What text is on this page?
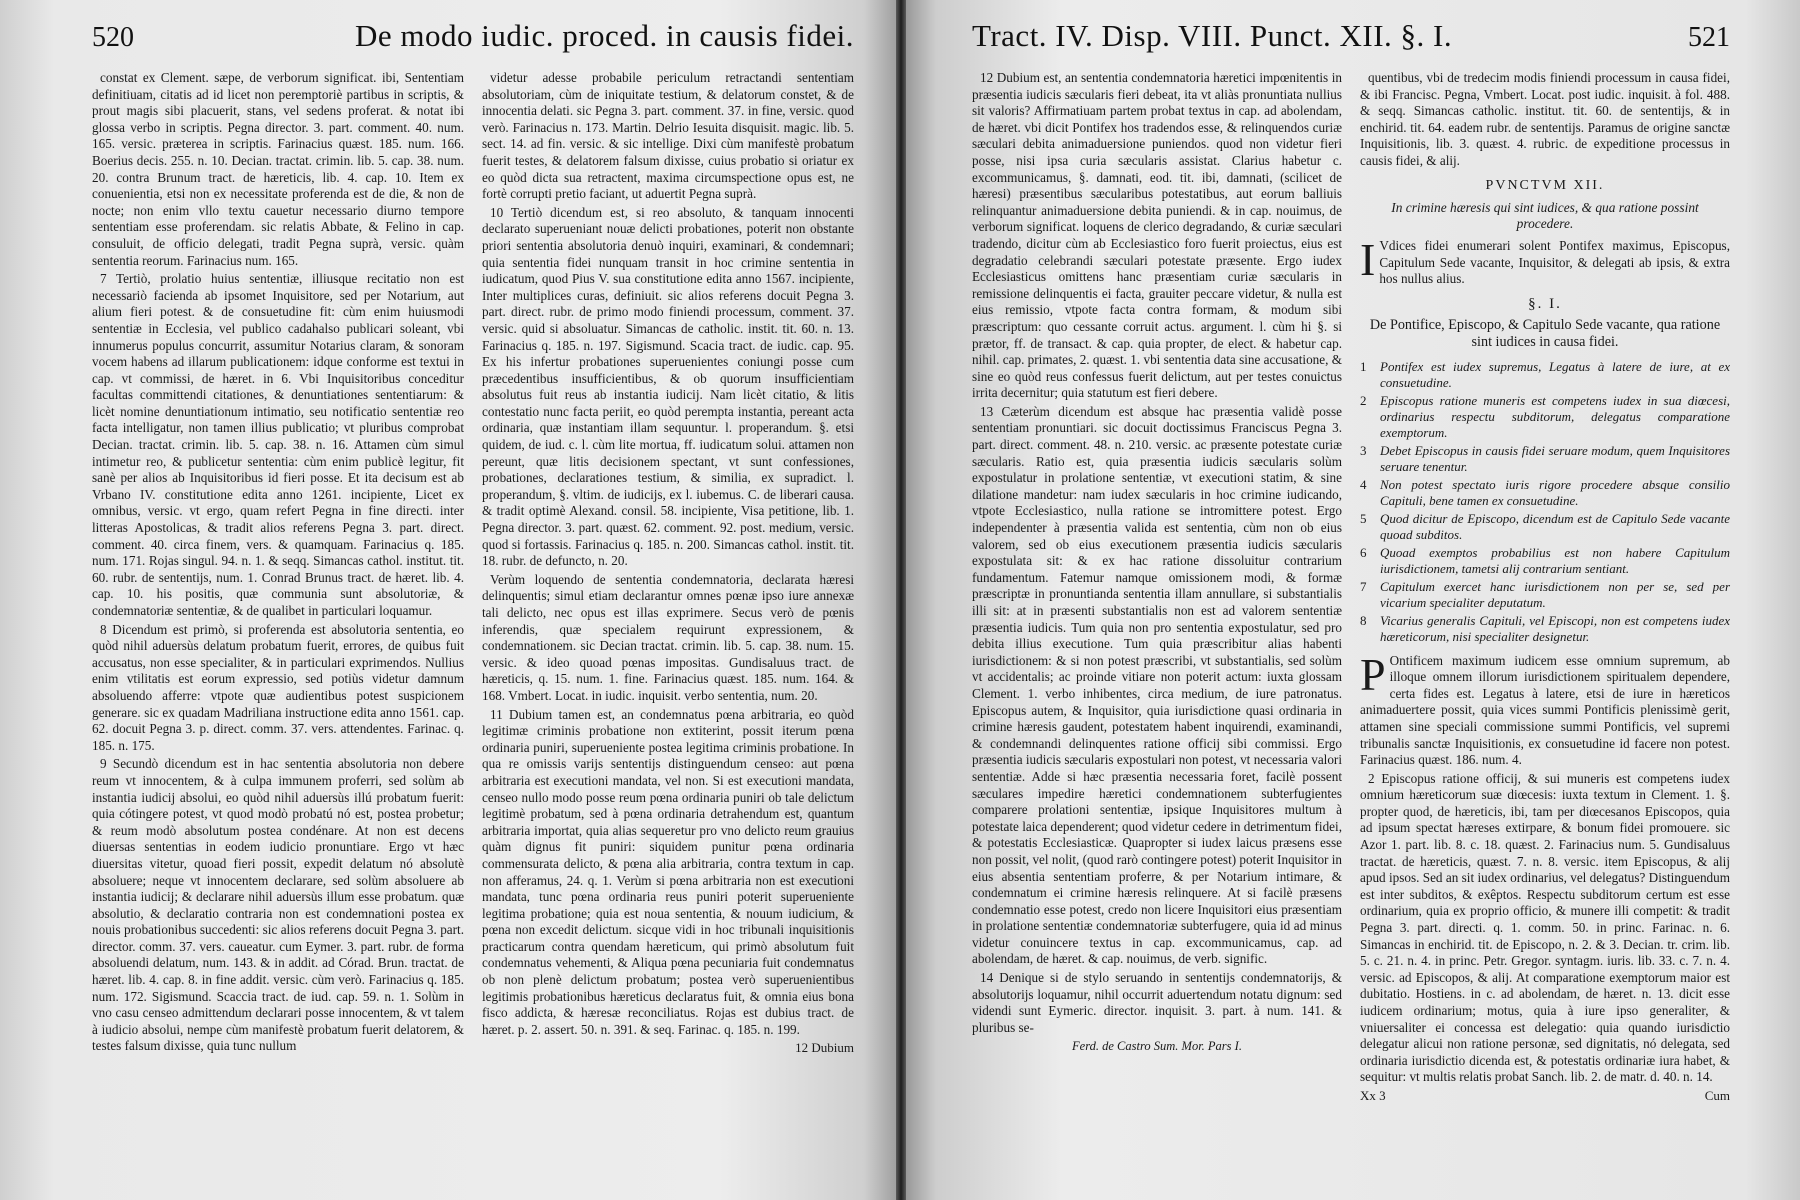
520	De modo iudic. proced. in causis fidei.

constat ex Clement. sæpe, de verborum significat. ibi, Sententiam definitiuam, citatis ad id licet non peremptoriè partibus in scriptis, & prout magis sibi placuerit, stans, vel sedens proferat. & notat ibi glossa verbo in scriptis. Pegna director. 3. part. comment. 40. num. 165. versic. præterea in scriptis. Farinacius quæst. 185. num. 166. Boerius decis. 255. n. 10. Decian. tractat. crimin. lib. 5. cap. 38. num. 20. contra Brunum tract. de hæreticis, lib. 4. cap. 10. Item ex conuenientia, etsi non ex necessitate proferenda est de die, & non de nocte; non enim vllo textu cauetur necessario diurno tempore sententiam esse proferendam. sic relatis Abbate, & Felino in cap. consuluit, de officio delegati, tradit Pegna suprà, versic. quàm sententia reorum. Farinacius num. 165.

7 Tertiò, prolatio huius sententiæ, illiusque recitatio non est necessariò facienda ab ipsomet Inquisitore, sed per Notarium, aut alium fieri potest. & de consuetudine fit: cùm enim huiusmodi sententiæ in Ecclesia, vel publico cadahalso publicari soleant, vbi innumerus populus concurrit, assumitur Notarius claram, & sonoram vocem habens ad illarum publicationem: idque conforme est textui in cap. vt commissi, de hæret. in 6. Vbi Inquisitoribus conceditur facultas committendi citationes, & denuntiationes sententiarum: & licèt nomine denuntiationum intimatio, seu notificatio sententiæ reo facta intelligatur, non tamen illius publicatio; vt pluribus comprobat Decian. tractat. crimin. lib. 5. cap. 38. n. 16. Attamen cùm simul intimetur reo, & publicetur sententia: cùm enim publicè legitur, fit sanè per alios ab Inquisitoribus id fieri posse. Et ita decisum est ab Vrbano IV. constitutione edita anno 1261. incipiente, Licet ex omnibus, versic. vt ergo, quam refert Pegna in fine directi. inter litteras Apostolicas, & tradit alios referens Pegna 3. part. direct. comment. 40. circa finem, vers. & quamquam. Farinacius q. 185. num. 171. Rojas singul. 94. n. 1. & seqq. Simancas cathol. institut. tit. 60. rubr. de sententijs, num. 1. Conrad Brunus tract. de hæret. lib. 4. cap. 10. his positis, quæ communia sunt absolutoriæ, & condemnatoriæ sententiæ, & de qualibet in particulari loquamur.

8 Dicendum est primò, si proferenda est absolutoria sententia, eo quòd nihil aduersùs delatum probatum fuerit, errores, de quibus fuit accusatus, non esse specialiter, & in particulari exprimendos. Nullius enim vtilitatis est eorum expressio, sed potiùs videtur damnum absoluendo afferre: vtpote quæ audientibus potest suspicionem generare. sic ex quadam Madriliana instructione edita anno 1561. cap. 62. docuit Pegna 3. p. direct. comm. 37. vers. attendentes. Farinac. q. 185. n. 175.

9 Secundò dicendum est in hac sententia absolutoria non debere reum vt innocentem, & à culpa immunem proferri, sed solùm ab instantia iudicij absolui, eo quòd nihil aduersùs illú probatum fuerit: quia cótingere potest, vt quod modò probatú nó est, postea probetur; & reum modò absolutum postea condénare. At non est decens diuersas sententias in eodem iudicio pronuntiare. Ergo vt hæc diuersitas vitetur, quoad fieri possit, expedit delatum nó absolutè absoluere; neque vt innocentem declarare, sed solùm absoluere ab instantia iudicij; & declarare nihil aduersùs illum esse probatum. quæ absolutio, & declaratio contraria non est condemnationi postea ex nouis probationibus succedenti: sic alios referens docuit Pegna 3. part. director. comm. 37. vers. caueatur. cum Eymer. 3. part. rubr. de forma absoluendi delatum, num. 143. & in addit. ad Córad. Brun. tractat. de hæret. lib. 4. cap. 8. in fine addit. versic. cùm verò. Farinacius q. 185. num. 172. Sigismund. Scaccia tract. de iud. cap. 59. n. 1. Solùm in vno casu censeo admittendum declarari posse innocentem, & vt talem à iudicio absolui, nempe cùm manifestè probatum fuerit delatorem, & testes falsum dixisse, quia tunc nullum

videtur adesse probabile periculum retractandi sententiam absolutoriam, cùm de iniquitate testium, & delatorum constet, & de innocentia delati. sic Pegna 3. part. comment. 37. in fine, versic. quod verò. Farinacius n. 173. Martin. Delrio Iesuita disquisit. magic. lib. 5. sect. 14. ad fin. versic. & sic intellige. Dixi cùm manifestè probatum fuerit testes, & delatorem falsum dixisse, cuius probatio si oriatur ex eo quòd dicta sua retractent, maxima circumspectione opus est, ne fortè corrupti pretio faciant, ut aduertit Pegna suprà.

10 Tertiò dicendum est, si reo absoluto, & tanquam innocenti declarato superueniant nouæ delicti probationes, poterit non obstante priori sententia absolutoria denuò inquiri, examinari, & condemnari; quia sententia fidei nunquam transit in hoc crimine sententia in iudicatum, quod Pius V. sua constitutione edita anno 1567. incipiente, Inter multiplices curas, definiuit. sic alios referens docuit Pegna 3. part. direct. rubr. de primo modo finiendi processum, comment. 37. versic. quid si absoluatur. Simancas de catholic. instit. tit. 60. n. 13. Farinacius q. 185. n. 197. Sigismund. Scacia tract. de iudic. cap. 95. Ex his infertur probationes superuenientes coniungi posse cum præcedentibus insufficientibus, & ob quorum insufficientiam absolutus fuit reus ab instantia iudicij. Nam licèt citatio, & litis contestatio nunc facta periit, eo quòd perempta instantia, pereant acta ordinaria, quæ instantiam illam sequuntur. l. properandum. §. etsi quidem, de iud. c. l. cùm lite mortua, ff. iudicatum solui. attamen non pereunt, quæ litis decisionem spectant, vt sunt confessiones, probationes, declarationes testium, & similia, ex supradict. l. properandum, §. vltim. de iudicijs, ex l. iubemus. C. de liberari causa. & tradit optimè Alexand. consil. 58. incipiente, Visa petitione, lib. 1. Pegna director. 3. part. quæst. 62. comment. 92. post. medium, versic. quod si fortassis. Farinacius q. 185. n. 200. Simancas cathol. instit. tit. 18. rubr. de defuncto, n. 20.

Verùm loquendo de sententia condemnatoria, declarata hæresi delinquentis; simul etiam declarantur omnes pœnæ ipso iure annexæ tali delicto, nec opus est illas exprimere. Secus verò de pœnis inferendis, quæ specialem requirunt expressionem, & condemnationem. sic Decian tractat. crimin. lib. 5. cap. 38. num. 15. versic. & ideo quoad pœnas impositas. Gundisaluus tract. de hæreticis, q. 15. num. 1. fine. Farinacius quæst. 185. num. 164. & 168. Vmbert. Locat. in iudic. inquisit. verbo sententia, num. 20.

11 Dubium tamen est, an condemnatus pœna arbitraria, eo quòd legitimæ criminis probatione non extiterint, possit iterum pœna ordinaria puniri, superueniente postea legitima criminis probatione. In qua re omissis varijs sententijs distinguendum censeo: aut pœna arbitraria est executioni mandata, vel non. Si est executioni mandata, censeo nullo modo posse reum pœna ordinaria puniri ob tale delictum legitimè probatum, sed à pœna ordinaria detrahendum est, quantum arbitraria importat, quia alias sequeretur pro vno delicto reum grauius quàm dignus fit puniri: siquidem punitur pœna ordinaria commensurata delicto, & pœna alia arbitraria, contra textum in cap. non afferamus, 24. q. 1. Verùm si pœna arbitraria non est executioni mandata, tunc pœna ordinaria reus puniri poterit superueniente legitima probatione; quia est noua sententia, & nouum iudicium, & pœna non excedit delictum. sicque vidi in hoc tribunali inquisitionis practicarum contra quendam hæreticum, qui primò absolutum fuit condemnatus vehementi, & Aliqua pœna pecuniaria fuit condemnatus ob non plenè delictum probatum; postea verò superuenientibus legitimis probationibus hæreticus declaratus fuit, & omnia eius bona fisco addicta, & hæresæ reconciliatus. Rojas est dubius tract. de hæret. p. 2. assert. 50. n. 391. & seq. Farinac. q. 185. n. 199.

12 Dubium
Tract. IV. Disp. VIII. Punct. XII. §. I.	521

12 Dubium est, an sententia condemnatoria hæretici impœnitentis in præsentia iudicis sæcularis fieri debeat, ita vt aliàs pronuntiata nullius sit valoris? Affirmatiuam partem probat textus in cap. ad abolendam, de hæret. vbi dicit Pontifex hos tradendos esse, & relinquendos curiæ sæculari debita animaduersione puniendos. quod non videtur fieri posse, nisi ipsa curia sæcularis assistat. Clarius habetur c. excommunicamus, §. damnati, eod. tit. ibi, damnati, (scilicet de hæresi) præsentibus sæcularibus potestatibus, aut eorum balliuis relinquantur animaduersione debita puniendi. & in cap. nouimus, de verborum significat. loquens de clerico degradando, & curiæ sæculari tradendo, dicitur cùm ab Ecclesiastico foro fuerit proiectus, eius est degradatio celebrandi sæculari potestate præsente. Ergo iudex Ecclesiasticus omittens hanc præsentiam curiæ sæcularis in remissione delinquentis ei facta, grauiter peccare videtur, & nulla est eius remissio, vtpote facta contra formam, & modum sibi præscriptum: quo cessante corruit actus. argument. l. cùm hi §. si prætor, ff. de transact. & cap. quia propter, de elect. & habetur cap. nihil. cap. primates, 2. quæst. 1. vbi sententia data sine accusatione, & sine eo quòd reus confessus fuerit delictum, aut per testes conuictus irrita decernitur; quia statutum est fieri debere.

13 Cæterùm dicendum est absque hac præsentia validè posse sententiam pronuntiari. sic docuit doctissimus Franciscus Pegna 3. part. direct. comment. 48. n. 210. versic. ac præsente potestate curiæ sæcularis. Ratio est, quia præsentia iudicis sæcularis solùm expostulatur in prolatione sententiæ, vt executioni statim, & sine dilatione mandetur: nam iudex sæcularis in hoc crimine iudicando, vtpote Ecclesiastico, nulla ratione se intromittere potest. Ergo independenter à præsentia valida est sententia, cùm non ob eius valorem, sed ob eius executionem præsentia iudicis sæcularis expostulata sit: & ex hac ratione dissoluitur contrarium fundamentum. Fatemur namque omissionem modi, & formæ præscriptæ in pronuntianda sententia illam annullare, si substantialis illi sit: at in præsenti substantialis non est ad valorem sententiæ præsentia iudicis. Tum quia non pro sententia expostulatur, sed pro debita illius executione. Tum quia præscribitur alias habenti iurisdictionem: & si non potest præscribi, vt substantialis, sed solùm vt accidentalis; ac proinde vitiare non poterit actum: iuxta glossam Clement. 1. verbo inhibentes, circa medium, de iure patronatus. Episcopus autem, & Inquisitor, quia iurisdictione quasi ordinaria in crimine hæresis gaudent, potestatem habent inquirendi, examinandi, & condemnandi delinquentes ratione officij sibi commissi. Ergo præsentia iudicis sæcularis expostulari non potest, vt necessaria valori sententiæ. Adde si hæc præsentia necessaria foret, facilè possent sæculares impedire hæretici condemnationem subterfugientes comparere prolationi sententiæ, ipsique Inquisitores multum à potestate laica dependerent; quod videtur cedere in detrimentum fidei, & potestatis Ecclesiasticæ. Quapropter si iudex laicus præsens esse non possit, vel nolit, (quod rarò contingere potest) poterit Inquisitor in eius absentia sententiam proferre, & per Notarium intimare, & condemnatum ei crimine hæresis relinquere. At si facilè præsens condemnatio esse potest, credo non licere Inquisitori eius præsentiam in prolatione sententiæ condemnatoriæ subterfugere, quia id ad minus videtur conuincere textus in cap. excommunicamus, cap. ad abolendam, de hæret. & cap. nouimus, de verb. signific.

14 Denique si de stylo seruando in sententijs condemnatorijs, & absolutorijs loquamur, nihil occurrit aduertendum notatu dignum: sed videndi sunt Eymeric. director. inquisit. 3. part. à num. 141. & pluribus se-

Ferd. de Castro Sum. Mor. Pars I.

quentibus, vbi de tredecim modis finiendi processum in causa fidei, & ibi Francisc. Pegna, Vmbert. Locat. post iudic. inquisit. à fol. 488. & seqq. Simancas catholic. institut. tit. 60. de sententijs, & in enchirid. tit. 64. eadem rubr. de sententijs. Paramus de origine sanctæ Inquisitionis, lib. 3. quæst. 4. rubric. de expeditione processus in causis fidei, & alij.

PVNCTVM XII.
In crimine hæresis qui sint iudices, & qua ratione possint procedere.

I Vdices fidei enumerari solent Pontifex maximus, Episcopus, Capitulum Sede vacante, Inquisitor, & delegati ab ipsis, & extra hos nullus alius.

§. I.
De Pontifice, Episcopo, & Capitulo Sede vacante, qua ratione sint iudices in causa fidei.
1	Pontifex est iudex supremus, Legatus à latere de iure, at ex consuetudine.
2	Episcopus ratione muneris est competens iudex in sua diœcesi, ordinarius respectu subditorum, delegatus comparatione exemptorum.
3	Debet Episcopus in causis fidei seruare modum, quem Inquisitores seruare tenentur.
4	Non potest spectato iuris rigore procedere absque consilio Capituli, bene tamen ex consuetudine.
5	Quod dicitur de Episcopo, dicendum est de Capitulo Sede vacante quoad subditos.
6	Quoad exemptos probabilius est non habere Capitulum iurisdictionem, tametsi alij contrarium sentiant.
7	Capitulum exercet hanc iurisdictionem non per se, sed per vicarium specialiter deputatum.
8	Vicarius generalis Capituli, vel Episcopi, non est competens iudex hæreticorum, nisi specialiter designetur.

P Ontificem maximum iudicem esse omnium supremum, ab illoque omnem illorum iurisdictionem spiritualem dependere, certa fides est. Legatus à latere, etsi de iure in hæreticos animaduertere possit, quia vices summi Pontificis plenissimè gerit, attamen sine speciali commissione summi Pontificis, vel supremi tribunalis sanctæ Inquisitionis, ex consuetudine id facere non potest. Farinacius quæst. 186. num. 4.

2 Episcopus ratione officij, & sui muneris est competens iudex omnium hæreticorum suæ diœcesis: iuxta textum in Clement. 1. §. propter quod, de hæreticis, ibi, tam per diœcesanos Episcopos, quia ad ipsum spectat hæreses extirpare, & bonum fidei promouere. sic Azor 1. part. lib. 8. c. 18. quæst. 2. Farinacius num. 5. Gundisaluus tractat. de hæreticis, quæst. 7. n. 8. versic. item Episcopus, & alij apud ipsos. Sed an sit iudex ordinarius, vel delegatus? Distinguendum est inter subditos, & exêptos. Respectu subditorum certum est esse ordinarium, quia ex proprio officio, & munere illi competit: & tradit Pegna 3. part. directi. q. 1. comm. 50. in princ. Farinac. n. 6. Simancas in enchirid. tit. de Episcopo, n. 2. & 3. Decian. tr. crim. lib. 5. c. 21. n. 4. in princ. Petr. Gregor. syntagm. iuris. lib. 33. c. 7. n. 4. versic. ad Episcopos, & alij. At comparatione exemptorum maior est dubitatio. Hostiens. in c. ad abolendam, de hæret. n. 13. dicit esse iudicem ordinarium; motus, quia à iure ipso generaliter, & vniuersaliter ei concessa est delegatio: quia quando iurisdictio delegatur alicui non ratione personæ, sed dignitatis, nó delegata, sed ordinaria iurisdictio dicenda est, & potestatis ordinariæ iura habet, & sequitur: vt multis relatis probat Sanch. lib. 2. de matr. d. 40. n. 14.

Xx 3	Cum
